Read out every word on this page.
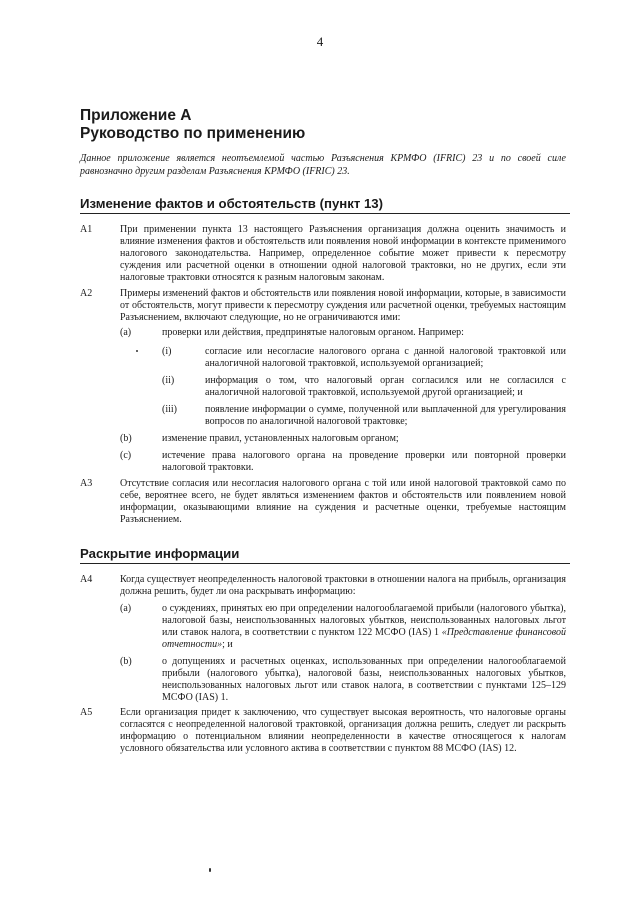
4
Приложение А
Руководство по применению
Данное приложение является неотъемлемой частью Разъяснения КРМФО (IFRIC) 23 и по своей силе равнозначно другим разделам Разъяснения КРМФО (IFRIC) 23.
Изменение фактов и обстоятельств (пункт 13)
A1	При применении пункта 13 настоящего Разъяснения организация должна оценить значимость и влияние изменения фактов и обстоятельств или появления новой информации в контексте применимого налогового законодательства. Например, определенное событие может привести к пересмотру суждения или расчетной оценки в отношении одной налоговой трактовки, но не других, если эти налоговые трактовки относятся к разным налоговым законам.
A2	Примеры изменений фактов и обстоятельств или появления новой информации, которые, в зависимости от обстоятельств, могут привести к пересмотру суждения или расчетной оценки, требуемых настоящим Разъяснением, включают следующие, но не ограничиваются ими:
(a)	проверки или действия, предпринятые налоговым органом. Например:
(i)	согласие или несогласие налогового органа с данной налоговой трактовкой или аналогичной налоговой трактовкой, используемой организацией;
(ii)	информация о том, что налоговый орган согласился или не согласился с аналогичной налоговой трактовкой, используемой другой организацией; и
(iii)	появление информации о сумме, полученной или выплаченной для урегулирования вопросов по аналогичной налоговой трактовке;
(b)	изменение правил, установленных налоговым органом;
(c)	истечение права налогового органа на проведение проверки или повторной проверки налоговой трактовки.
A3	Отсутствие согласия или несогласия налогового органа с той или иной налоговой трактовкой само по себе, вероятнее всего, не будет являться изменением фактов и обстоятельств или появлением новой информации, оказывающими влияние на суждения и расчетные оценки, требуемые настоящим Разъяснением.
Раскрытие информации
A4	Когда существует неопределенность налоговой трактовки в отношении налога на прибыль, организация должна решить, будет ли она раскрывать информацию:
(a)	о суждениях, принятых ею при определении налогооблагаемой прибыли (налогового убытка), налоговой базы, неиспользованных налоговых убытков, неиспользованных налоговых льгот или ставок налога, в соответствии с пунктом 122 МСФО (IAS) 1 «Представление финансовой отчетности»; и
(b)	о допущениях и расчетных оценках, использованных при определении налогооблагаемой прибыли (налогового убытка), налоговой базы, неиспользованных налоговых убытков, неиспользованных налоговых льгот или ставок налога, в соответствии с пунктами 125–129 МСФО (IAS) 1.
A5	Если организация придет к заключению, что существует высокая вероятность, что налоговые органы согласятся с неопределенной налоговой трактовкой, организация должна решить, следует ли раскрыть информацию о потенциальном влиянии неопределенности в качестве относящегося к налогам условного обязательства или условного актива в соответствии с пунктом 88 МСФО (IAS) 12.
